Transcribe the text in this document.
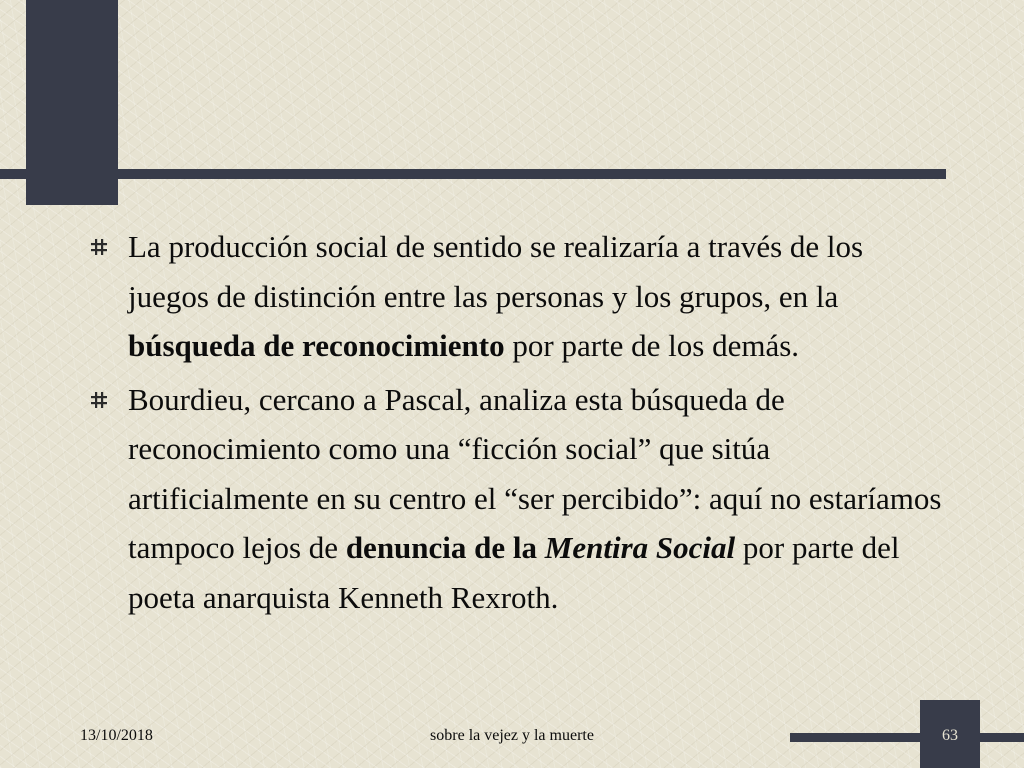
La producción social de sentido se realizaría a través de los juegos de distinción entre las personas y los grupos, en la búsqueda de reconocimiento por parte de los demás.
Bourdieu, cercano a Pascal, analiza esta búsqueda de reconocimiento como una “ficción social” que sitúa artificialmente en su centro el “ser percibido”: aquí no estaríamos tampoco lejos de denuncia de la Mentira Social por parte del poeta anarquista Kenneth Rexroth.
13/10/2018	sobre la vejez y la muerte	63
